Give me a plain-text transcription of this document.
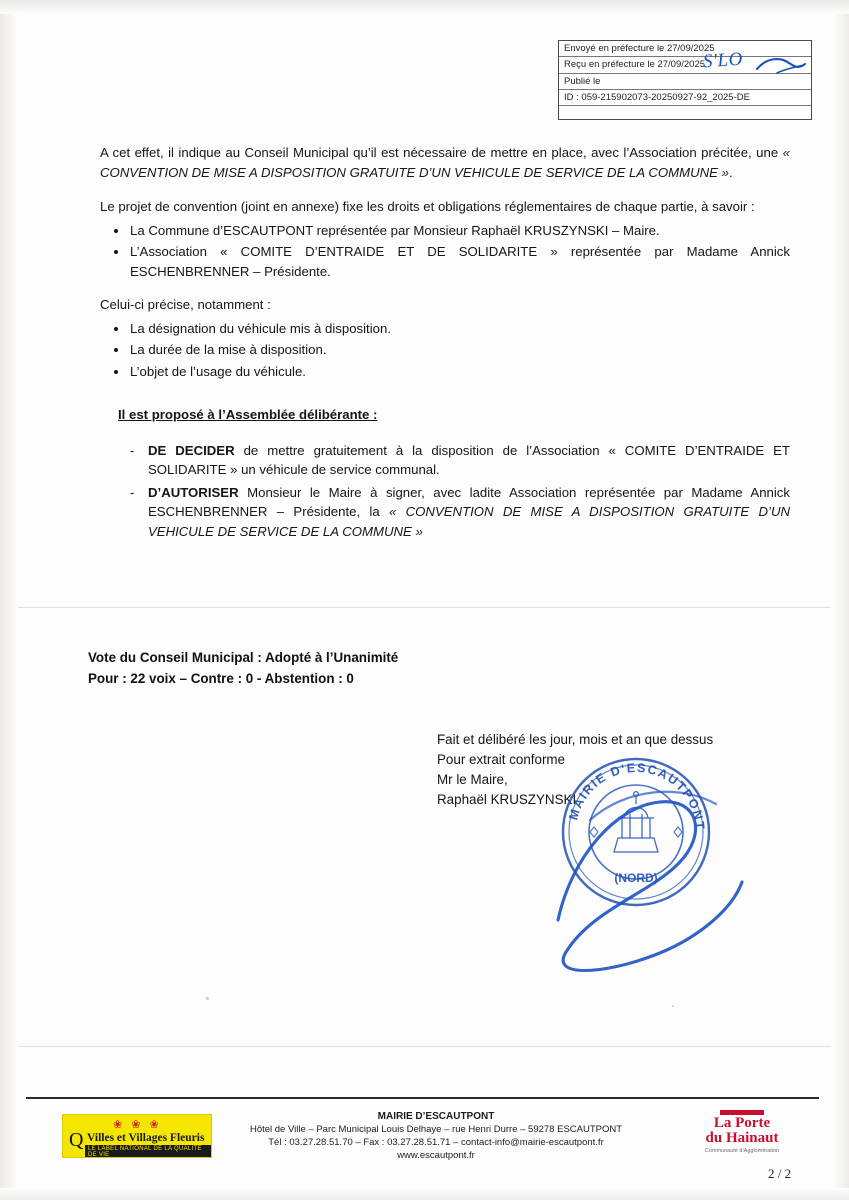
Envoyé en préfecture le 27/09/2025
Reçu en préfecture le 27/09/2025
Publié le
ID : 059-215902073-20250927-92_2025-DE
S'LO

A cet effet, il indique au Conseil Municipal qu’il est nécessaire de mettre en place, avec l’Association précitée, une « CONVENTION DE MISE A DISPOSITION GRATUITE D’UN VEHICULE DE SERVICE DE LA COMMUNE ».

Le projet de convention (joint en annexe) fixe les droits et obligations réglementaires de chaque partie, à savoir :

La Commune d’ESCAUTPONT représentée par Monsieur Raphaël KRUSZYNSKI – Maire.
L’Association « COMITE D’ENTRAIDE ET DE SOLIDARITE » représentée par Madame Annick ESCHENBRENNER – Présidente.

Celui-ci précise, notamment :

La désignation du véhicule mis à disposition.
La durée de la mise à disposition.
L’objet de l’usage du véhicule.
Il est proposé à l’Assemblée délibérante :
- DE DECIDER de mettre gratuitement à la disposition de l’Association « COMITE D’ENTRAIDE ET SOLIDARITE » un véhicule de service communal.
- D’AUTORISER Monsieur le Maire à signer, avec ladite Association représentée par Madame Annick ESCHENBRENNER – Présidente, la « CONVENTION DE MISE A DISPOSITION GRATUITE D’UN VEHICULE DE SERVICE DE LA COMMUNE »
Vote du Conseil Municipal : Adopté à l’Unanimité
Pour : 22 voix – Contre : 0 - Abstention : 0
Fait et délibéré les jour, mois et an que dessus
Pour extrait conforme
Mr le Maire,
Raphaël KRUSZYNSKI
MAIRIE D'ESCAUTPONT
(NORD)
Q
❀ ❀ ❀
Villes et Villages Fleuris
LE LABEL NATIONAL DE LA QUALITE DE VIE
MAIRIE D’ESCAUTPONT
Hôtel de Ville – Parc Municipal Louis Delhaye – rue Henri Durre – 59278 ESCAUTPONT
Tél : 03.27.28.51.70 – Fax : 03.27.28.51.71 – contact-info@mairie-escautpont.fr
www.escautpont.fr
La Porte
du Hainaut
Communauté d’Agglomération
2 / 2
